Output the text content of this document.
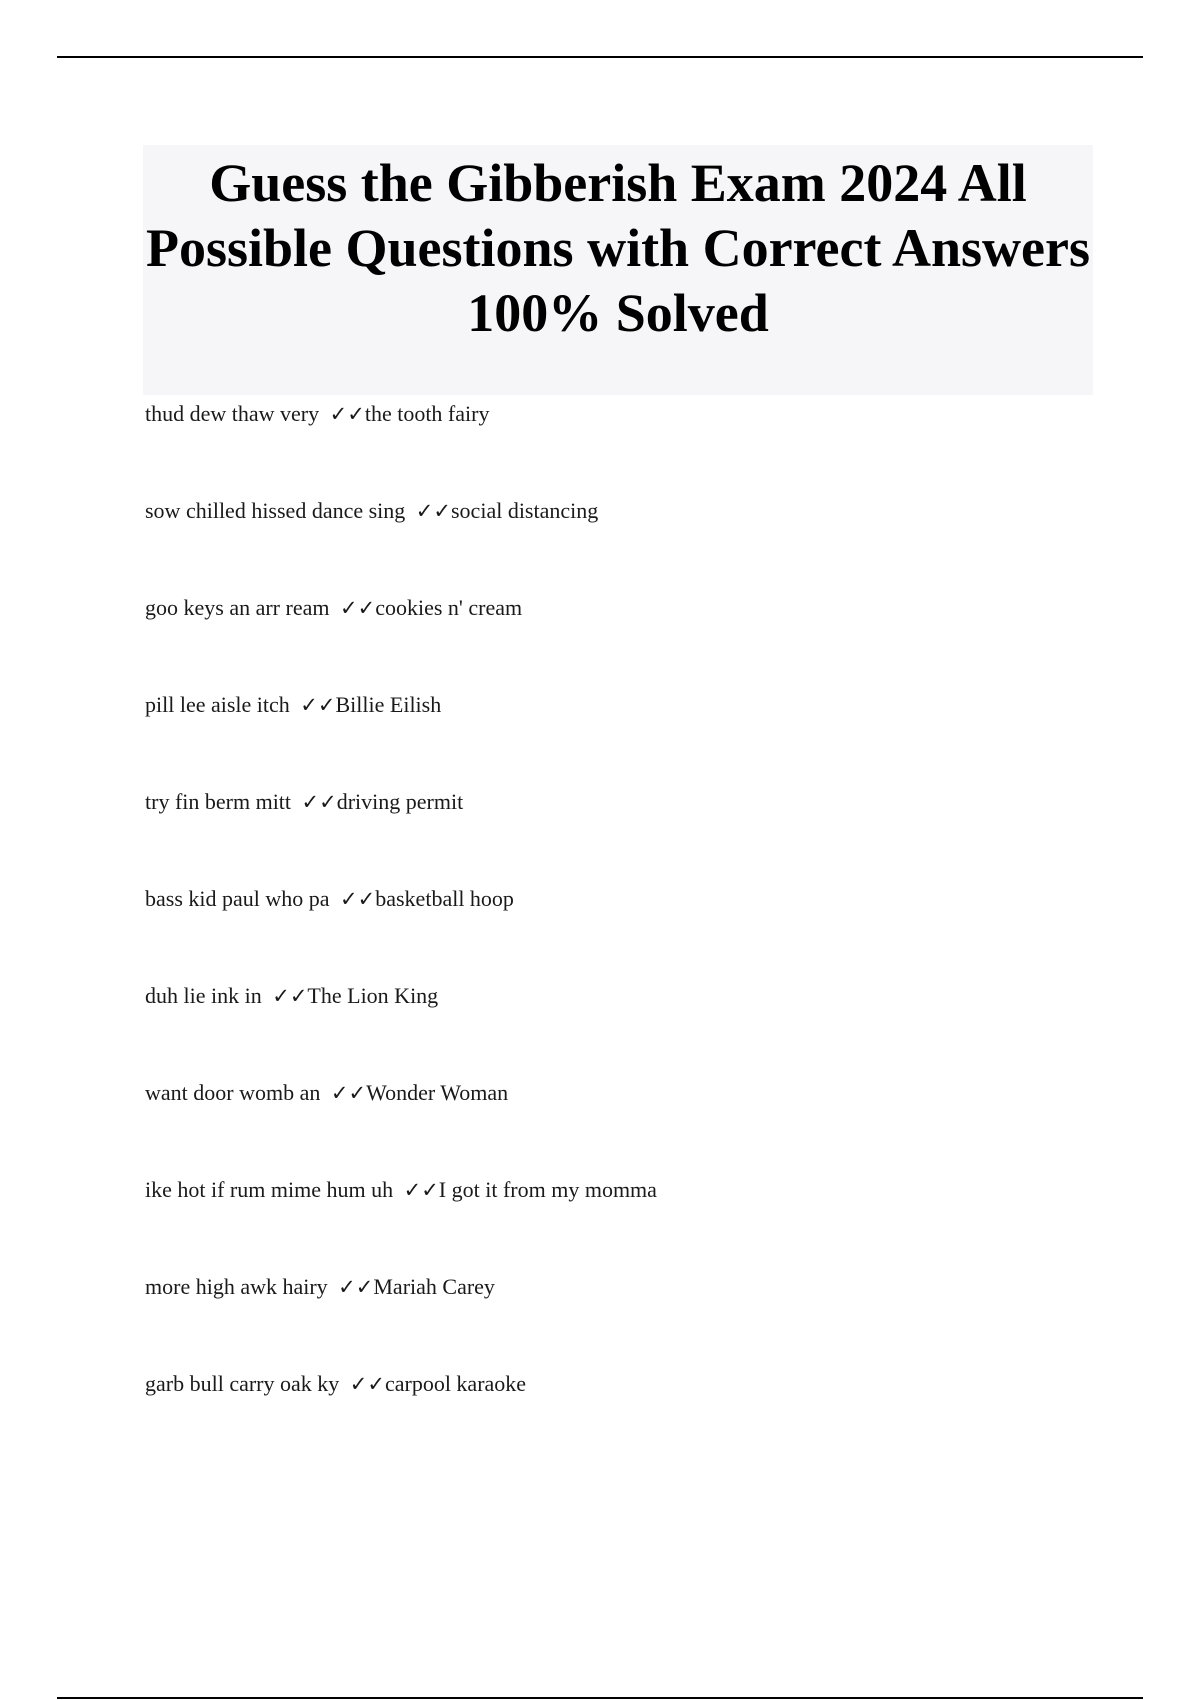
Guess the Gibberish Exam 2024 All Possible Questions with Correct Answers 100% Solved
thud dew thaw very ✓✓the tooth fairy
sow chilled hissed dance sing ✓✓social distancing
goo keys an arr ream ✓✓cookies n' cream
pill lee aisle itch ✓✓Billie Eilish
try fin berm mitt ✓✓driving permit
bass kid paul who pa ✓✓basketball hoop
duh lie ink in ✓✓The Lion King
want door womb an ✓✓Wonder Woman
ike hot if rum mime hum uh ✓✓I got it from my momma
more high awk hairy ✓✓Mariah Carey
garb bull carry oak ky ✓✓carpool karaoke
